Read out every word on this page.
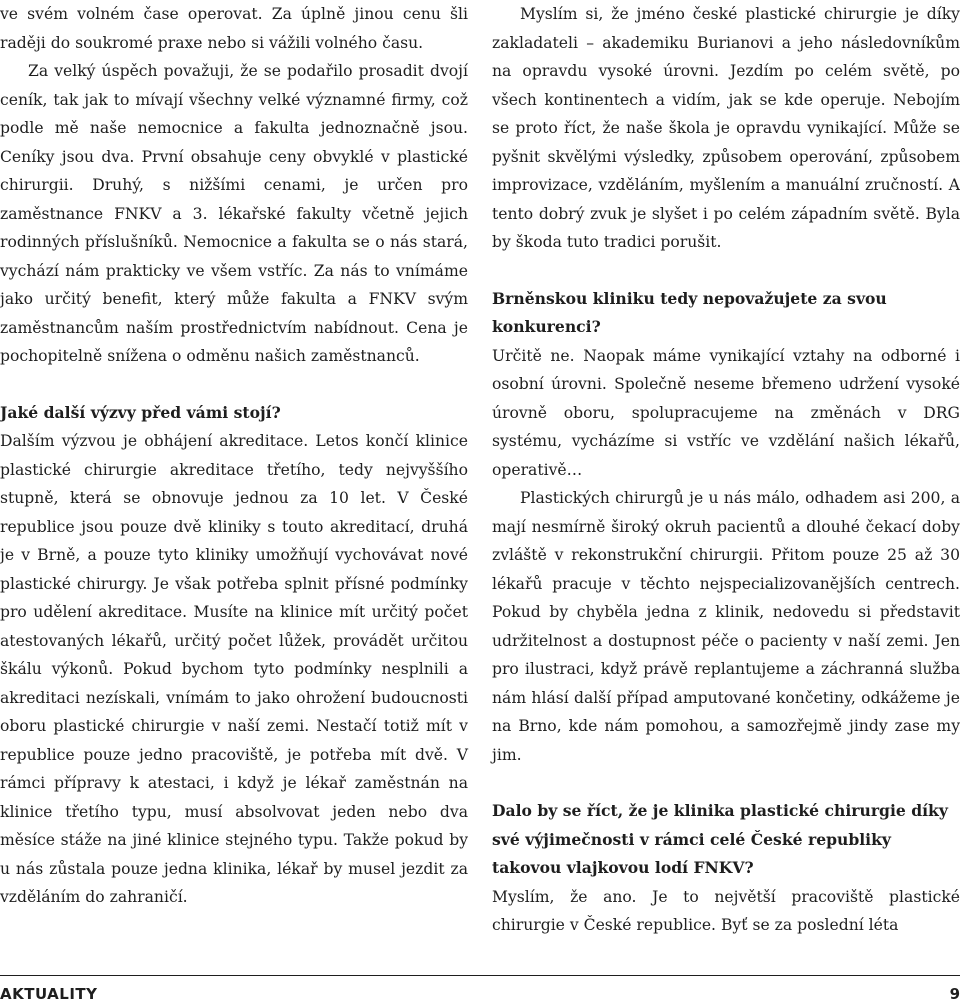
ve svém volném čase operovat. Za úplně jinou cenu šli raději do soukromé praxe nebo si vážili volného času.

Za velký úspěch považuji, že se podařilo prosadit dvojí ceník, tak jak to mívají všechny velké významné firmy, což podle mě naše nemocnice a fakulta jednoznačně jsou. Ceníky jsou dva. První obsahuje ceny obvyklé v plastické chirurgii. Druhý, s nižšími cenami, je určen pro zaměstnance FNKV a 3. lékařské fakulty včetně jejich rodinných příslušníků. Nemocnice a fakulta se o nás stará, vychází nám prakticky ve všem vstříc. Za nás to vnímáme jako určitý benefit, který může fakulta a FNKV svým zaměstnancům naším prostřednictvím nabídnout. Cena je pochopitelně snížena o odměnu našich zaměstnanců.

Jaké další výzvy před vámi stojí?

Dalším výzvou je obhájení akreditace. Letos končí klinice plastické chirurgie akreditace třetího, tedy nejvyššího stupně, která se obnovuje jednou za 10 let. V České republice jsou pouze dvě kliniky s touto akreditací, druhá je v Brně, a pouze tyto kliniky umožňují vychovávat nové plastické chirurgy. Je však potřeba splnit přísné podmínky pro udělení akreditace. Musíte na klinice mít určitý počet atestovaných lékařů, určitý počet lůžek, provádět určitou škálu výkonů. Pokud bychom tyto podmínky nesplnili a akreditaci nezískali, vnímám to jako ohrožení budoucnosti oboru plastické chirurgie v naší zemi. Nestačí totiž mít v republice pouze jedno pracoviště, je potřeba mít dvě. V rámci přípravy k atestaci, i když je lékař zaměstnán na klinice třetího typu, musí absolvovat jeden nebo dva měsíce stáže na jiné klinice stejného typu. Takže pokud by u nás zůstala pouze jedna klinika, lékař by musel jezdit za vzděláním do zahraničí.

Myslím si, že jméno české plastické chirurgie je díky zakladateli – akademiku Burianovi a jeho následovníkům na opravdu vysoké úrovni. Jezdím po celém světě, po všech kontinentech a vidím, jak se kde operuje. Nebojím se proto říct, že naše škola je opravdu vynikající. Může se pyšnit skvělými výsledky, způsobem operování, způsobem improvizace, vzděláním, myšlením a manuální zručností. A tento dobrý zvuk je slyšet i po celém západním světě. Byla by škoda tuto tradici porušit.

Brněnskou kliniku tedy nepovažujete za svou konkurenci?

Určitě ne. Naopak máme vynikající vztahy na odborné i osobní úrovni. Společně neseme břemeno udržení vysoké úrovně oboru, spolupracujeme na změnách v DRG systému, vycházíme si vstříc ve vzdělání našich lékařů, operativě…

Plastických chirurgů je u nás málo, odhadem asi 200, a mají nesmírně široký okruh pacientů a dlouhé čekací doby zvláště v rekonstrukční chirurgii. Přitom pouze 25 až 30 lékařů pracuje v těchto nejspecializovanějších centrech. Pokud by chyběla jedna z klinik, nedovedu si představit udržitelnost a dostupnost péče o pacienty v naší zemi. Jen pro ilustraci, když právě replantujeme a záchranná služba nám hlásí další případ amputované končetiny, odkážeme je na Brno, kde nám pomohou, a samozřejmě jindy zase my jim.

Dalo by se říct, že je klinika plastické chirurgie díky své výjimečnosti v rámci celé České republiky takovou vlajkovou lodí FNKV?

Myslím, že ano. Je to největší pracoviště plastické chirurgie v České republice. Byť se za poslední léta

AKTUALITY	9
